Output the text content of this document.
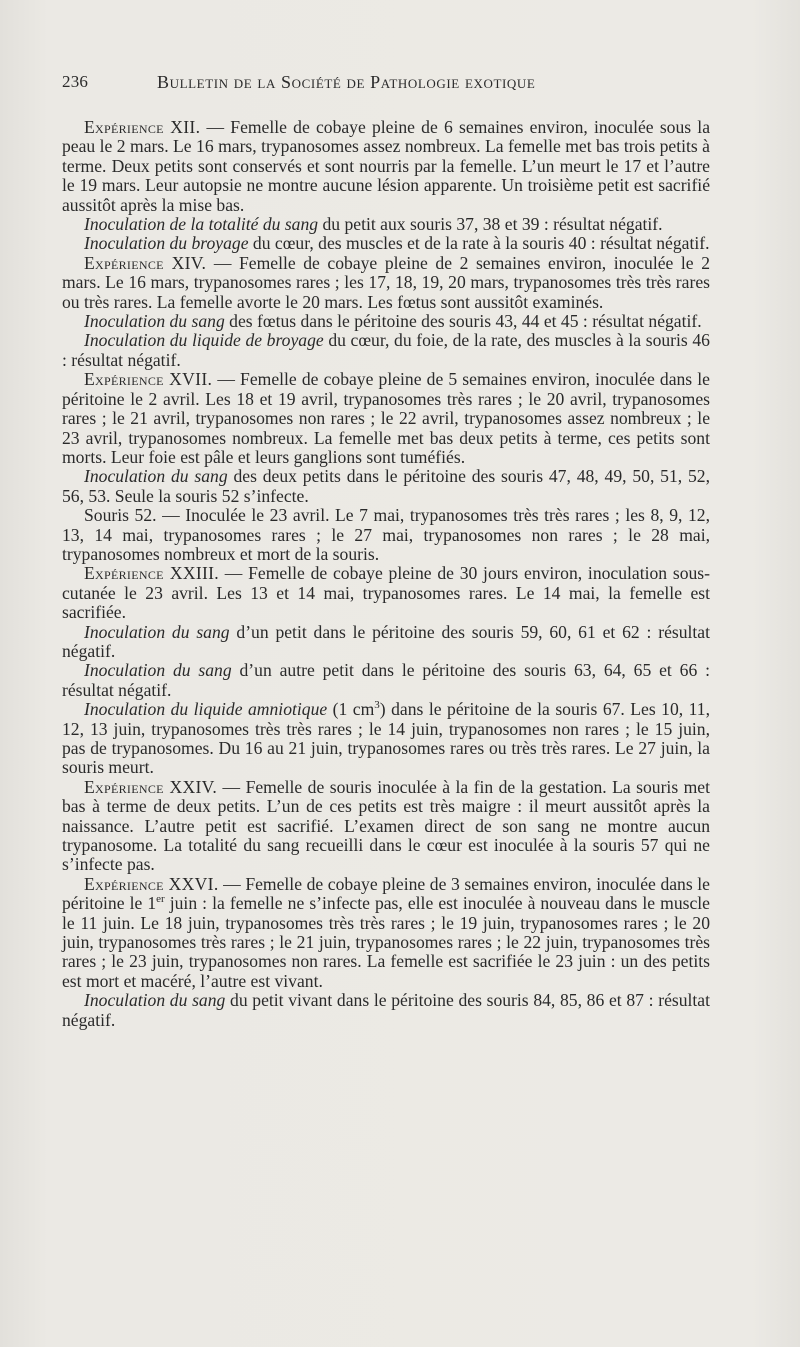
236	Bulletin de la Société de Pathologie exotique

Expérience XII. — Femelle de cobaye pleine de 6 semaines environ, inoculée sous la peau le 2 mars. Le 16 mars, trypanosomes assez nombreux. La femelle met bas trois petits à terme. Deux petits sont conservés et sont nourris par la femelle. L’un meurt le 17 et l’autre le 19 mars. Leur autopsie ne montre aucune lésion apparente. Un troisième petit est sacrifié aussitôt après la mise bas.

Inoculation de la totalité du sang du petit aux souris 37, 38 et 39 : résultat négatif.

Inoculation du broyage du cœur, des muscles et de la rate à la souris 40 : résultat négatif.

Expérience XIV. — Femelle de cobaye pleine de 2 semaines environ, inoculée le 2 mars. Le 16 mars, trypanosomes rares ; les 17, 18, 19, 20 mars, trypanosomes très très rares ou très rares. La femelle avorte le 20 mars. Les fœtus sont aussitôt examinés.

Inoculation du sang des fœtus dans le péritoine des souris 43, 44 et 45 : résultat négatif.

Inoculation du liquide de broyage du cœur, du foie, de la rate, des muscles à la souris 46 : résultat négatif.

Expérience XVII. — Femelle de cobaye pleine de 5 semaines environ, inoculée dans le péritoine le 2 avril. Les 18 et 19 avril, trypanosomes très rares ; le 20 avril, trypanosomes rares ; le 21 avril, trypanosomes non rares ; le 22 avril, trypanosomes assez nombreux ; le 23 avril, trypanosomes nombreux. La femelle met bas deux petits à terme, ces petits sont morts. Leur foie est pâle et leurs ganglions sont tuméfiés.

Inoculation du sang des deux petits dans le péritoine des souris 47, 48, 49, 50, 51, 52, 56, 53. Seule la souris 52 s’infecte.

Souris 52. — Inoculée le 23 avril. Le 7 mai, trypanosomes très très rares ; les 8, 9, 12, 13, 14 mai, trypanosomes rares ; le 27 mai, trypanosomes non rares ; le 28 mai, trypanosomes nombreux et mort de la souris.

Expérience XXIII. — Femelle de cobaye pleine de 30 jours environ, inoculation sous-cutanée le 23 avril. Les 13 et 14 mai, trypanosomes rares. Le 14 mai, la femelle est sacrifiée.

Inoculation du sang d’un petit dans le péritoine des souris 59, 60, 61 et 62 : résultat négatif.

Inoculation du sang d’un autre petit dans le péritoine des souris 63, 64, 65 et 66 : résultat négatif.

Inoculation du liquide amniotique (1 $cm^3$) dans le péritoine de la souris 67. Les 10, 11, 12, 13 juin, trypanosomes très très rares ; le 14 juin, trypanosomes non rares ; le 15 juin, pas de trypanosomes. Du 16 au 21 juin, trypanosomes rares ou très très rares. Le 27 juin, la souris meurt.

Expérience XXIV. — Femelle de souris inoculée à la fin de la gestation. La souris met bas à terme de deux petits. L’un de ces petits est très maigre : il meurt aussitôt après la naissance. L’autre petit est sacrifié. L’examen direct de son sang ne montre aucun trypanosome. La totalité du sang recueilli dans le cœur est inoculée à la souris 57 qui ne s’infecte pas.

Expérience XXVI. — Femelle de cobaye pleine de 3 semaines environ, inoculée dans le péritoine le 1er juin : la femelle ne s’infecte pas, elle est inoculée à nouveau dans le muscle le 11 juin. Le 18 juin, trypanosomes très très rares ; le 19 juin, trypanosomes rares ; le 20 juin, trypanosomes très rares ; le 21 juin, trypanosomes rares ; le 22 juin, trypanosomes très rares ; le 23 juin, trypanosomes non rares. La femelle est sacrifiée le 23 juin : un des petits est mort et macéré, l’autre est vivant.

Inoculation du sang du petit vivant dans le péritoine des souris 84, 85, 86 et 87 : résultat négatif.
